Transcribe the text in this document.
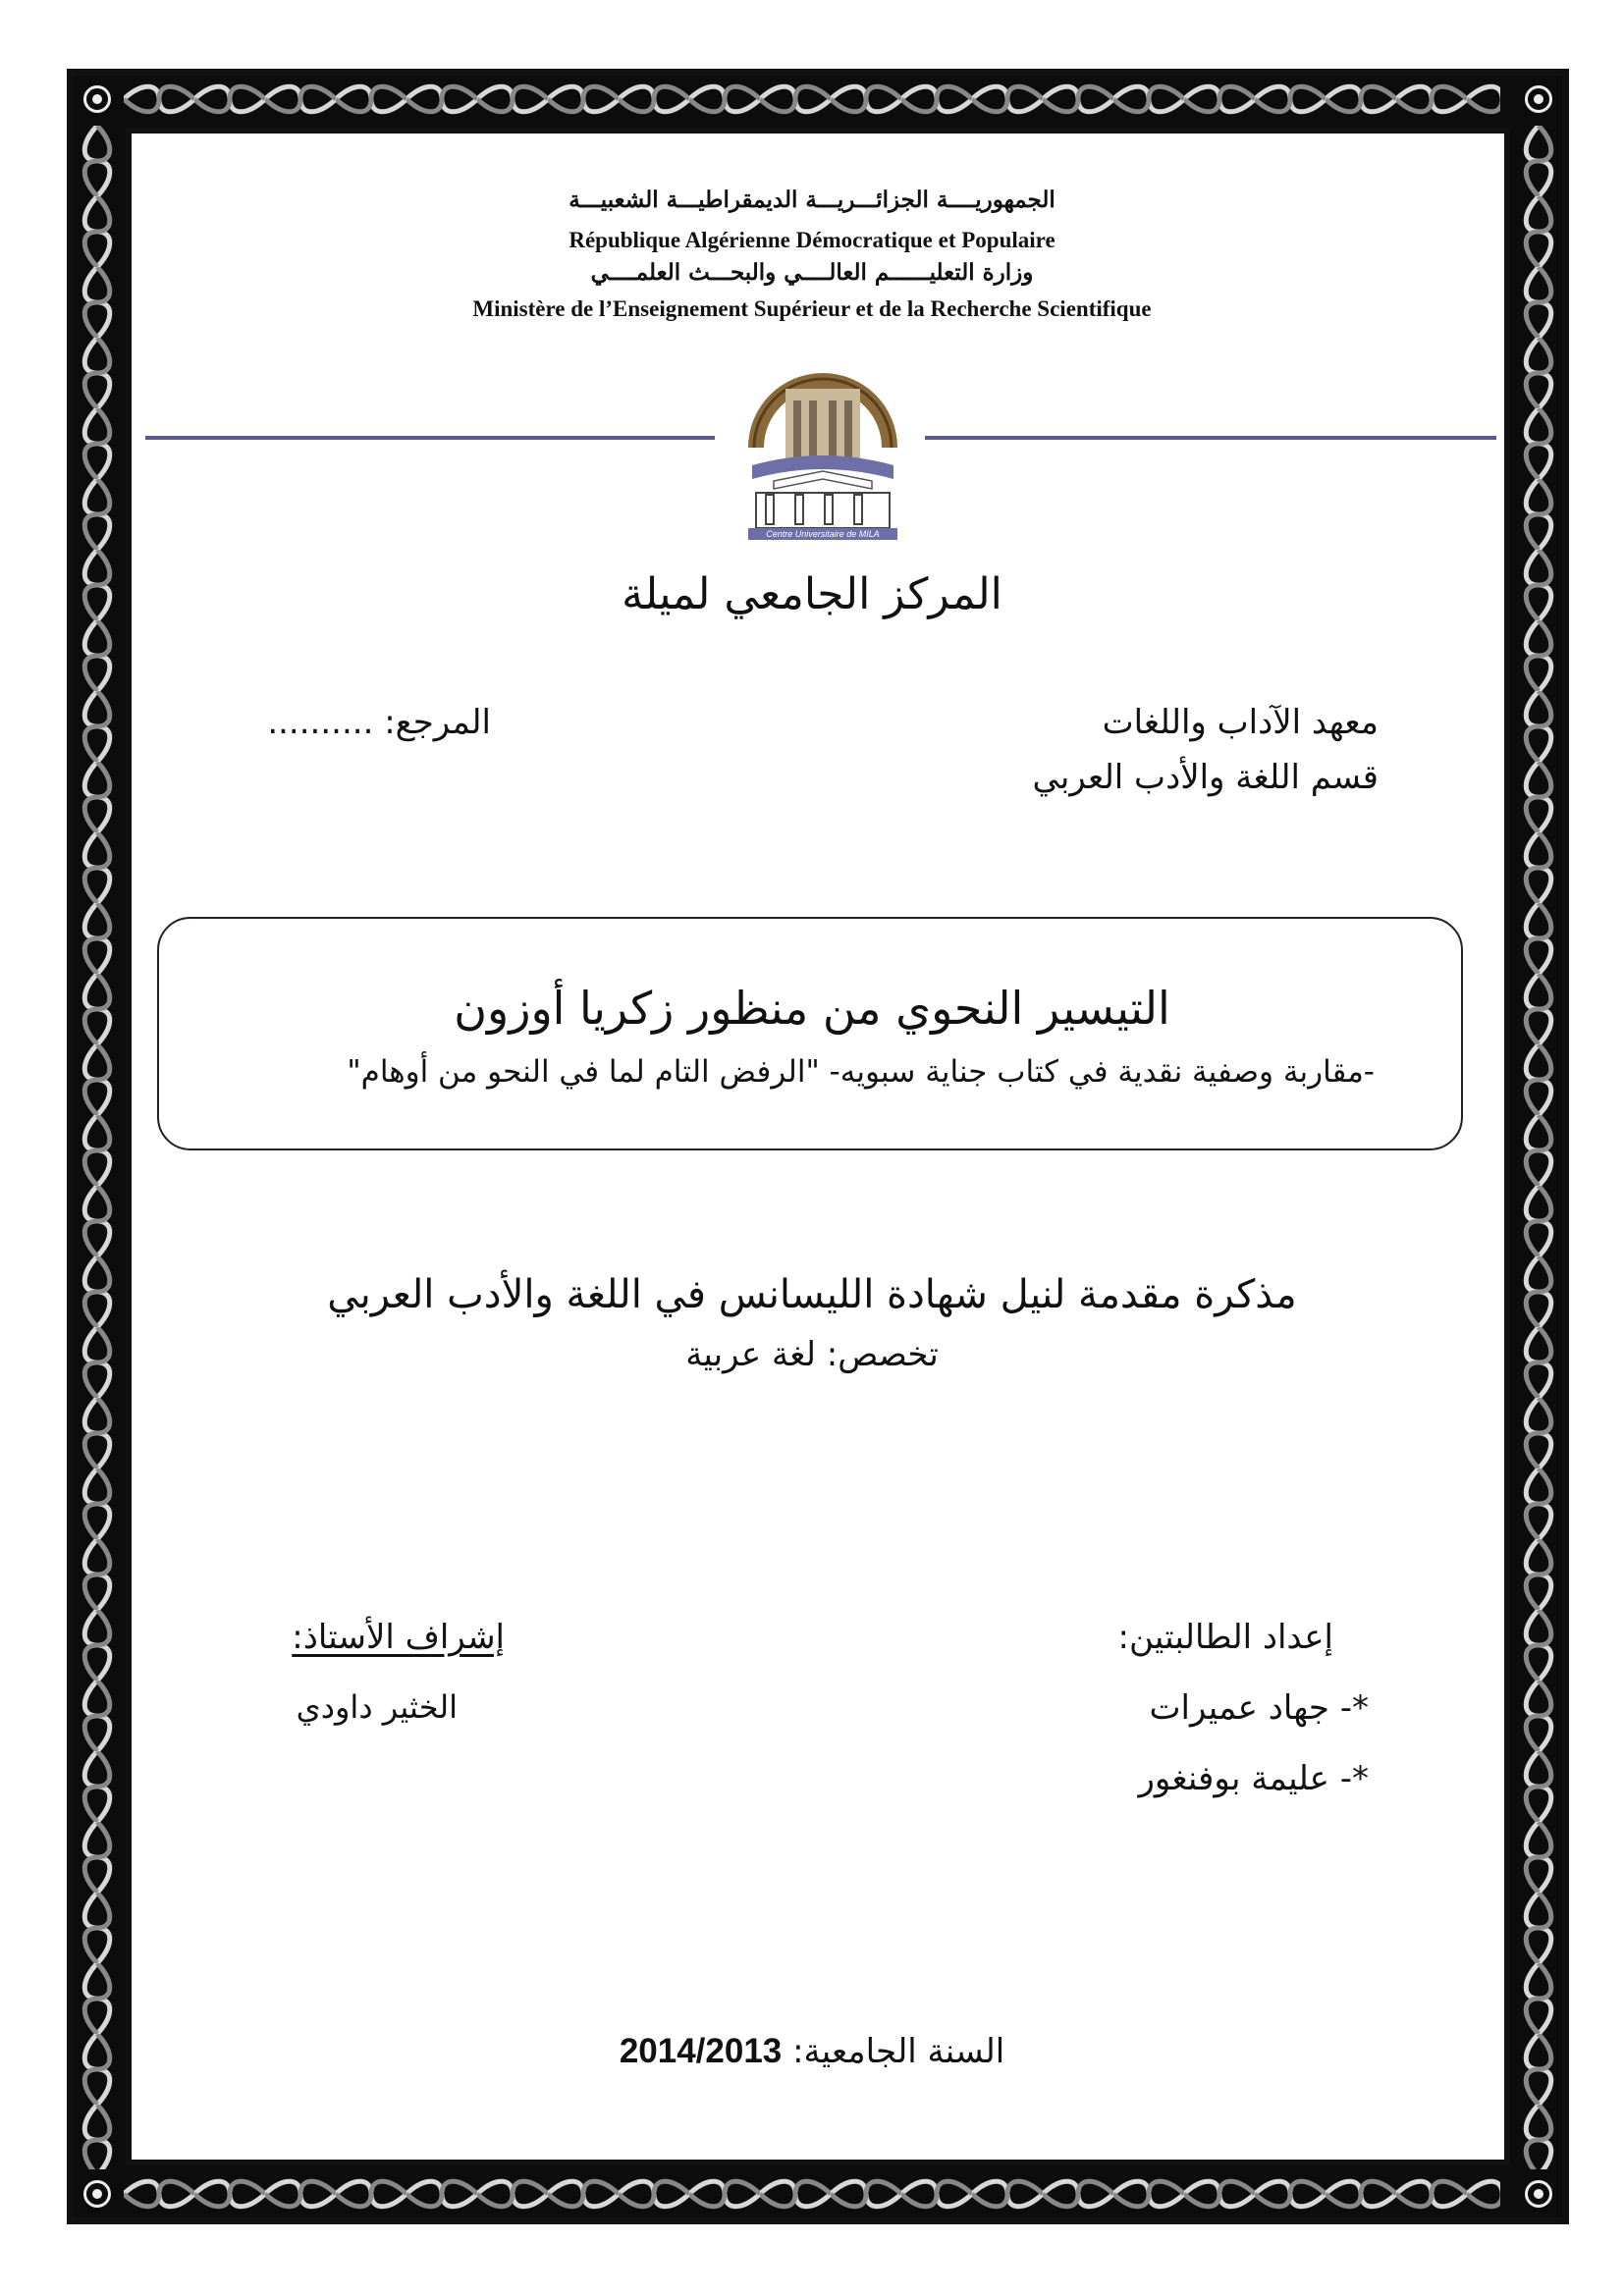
الجمهوريــــة الجزائـــريـــة الديمقراطيـــة الشعبيـــة
République Algérienne Démocratique et Populaire
وزارة التعليــــــم العالــــي والبحـــث العلمــــي
Ministère de l’Enseignement Supérieur et de la Recherche Scientifique
Centre Universitaire de MILA
المركز الجامعي لميلة
معهد الآداب واللغات
قسم اللغة والأدب العربي
المرجع: ..........
التيسير النحوي من منظور زكريا أوزون
-مقاربة وصفية نقدية في كتاب جناية سبويه- "الرفض التام لما في النحو من أوهام"
مذكرة مقدمة لنيل شهادة الليسانس في اللغة والأدب العربي
تخصص: لغة عربية
إعداد الطالبتين:
إشراف الأستاذ:
*- جهاد عميرات
*- عليمة بوفنغور
الخثير داودي
السنة الجامعية: 2014/2013
